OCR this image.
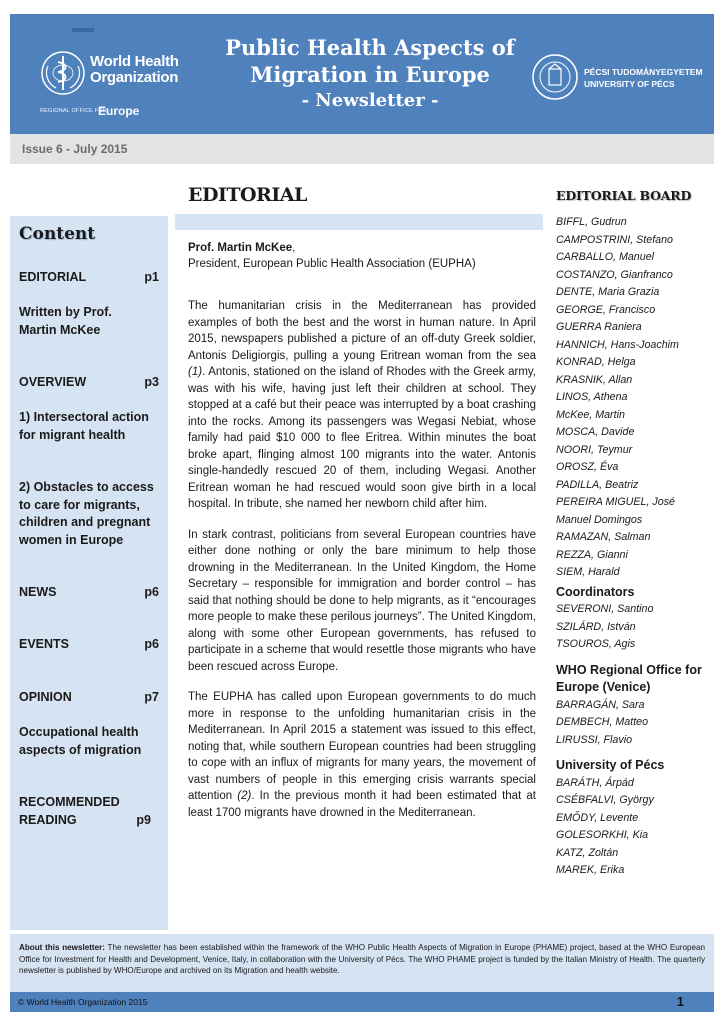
World Health
Organization
REGIONAL OFFICE FOR
Europe
Public Health Aspects of
Migration in Europe
- Newsletter -
PÉCSI TUDOMÁNYEGYETEM
UNIVERSITY OF PÉCS
Issue 6 - July 2015
Content
EDITORIAL	p1
Written by Prof. Martin McKee
OVERVIEW	p3
1) Intersectoral action for migrant health
2) Obstacles to access to care for migrants, children and pregnant women in Europe
NEWS	p6
EVENTS	p6
OPINION	p7
Occupational health aspects of migration
RECOMMENDED READING	p9
EDITORIAL
Prof. Martin McKee,
President, European Public Health Association (EUPHA)

The humanitarian crisis in the Mediterranean has provided examples of both the best and the worst in human nature. In April 2015, newspapers published a picture of an off-duty Greek soldier, Antonis Deligiorgis, pulling a young Eritrean woman from the sea (1). Antonis, stationed on the island of Rhodes with the Greek army, was with his wife, having just left their children at school. They stopped at a café but their peace was interrupted by a boat crashing into the rocks. Among its passengers was Wegasi Nebiat, whose family had paid $10 000 to flee Eritrea. Within minutes the boat broke apart, flinging almost 100 migrants into the water. Antonis single-handedly rescued 20 of them, including Wegasi. Another Eritrean woman he had rescued would soon give birth in a local hospital. In tribute, she named her newborn child after him.

In stark contrast, politicians from several European countries have either done nothing or only the bare minimum to help those drowning in the Mediterranean. In the United Kingdom, the Home Secretary – responsible for immigration and border control – has said that nothing should be done to help migrants, as it “encourages more people to make these perilous journeys”. The United Kingdom, along with some other European governments, has refused to participate in a scheme that would resettle those migrants who have been rescued across Europe.

The EUPHA has called upon European governments to do much more in response to the unfolding humanitarian crisis in the Mediterranean. In April 2015 a statement was issued to this effect, noting that, while southern European countries had been struggling to cope with an influx of migrants for many years, the movement of vast numbers of people in this emerging crisis warrants special attention (2). In the previous month it had been estimated that at least 1700 migrants have drowned in the Mediterranean.

EDITORIAL BOARD
BIFFL, Gudrun
CAMPOSTRINI, Stefano
CARBALLO, Manuel
COSTANZO, Gianfranco
DENTE, Maria Grazia
GEORGE, Francisco
GUERRA Raniera
HANNICH, Hans-Joachim
KONRAD, Helga
KRASNIK, Allan
LINOS, Athena
McKee, Martin
MOSCA, Davide
NOORI, Teymur
OROSZ, Éva
PADILLA, Beatriz
PEREIRA MIGUEL, José
Manuel Domingos
RAMAZAN, Salman
REZZA, Gianni
SIEM, Harald
Coordinators
SEVERONI, Santino
SZILÁRD, István
TSOUROS, Agis
WHO Regional Office for Europe (Venice)
BARRAGÁN, Sara
DEMBECH, Matteo
LIRUSSI, Flavio
University of Pécs
BARÁTH, Árpád
CSÉBFALVI, György
EMŐDY, Levente
GOLESORKHI, Kia
KATZ, Zoltán
MAREK, Erika
About this newsletter: The newsletter has been established within the framework of the WHO Public Health Aspects of Migration in Europe (PHAME) project, based at the WHO European Office for Investment for Health and Development, Venice, Italy, in collaboration with the University of Pécs. The WHO PHAME project is funded by the Italian Ministry of Health. The quarterly newsletter is published by WHO/Europe and archived on its Migration and health website.
© World Health Organization 2015	1
